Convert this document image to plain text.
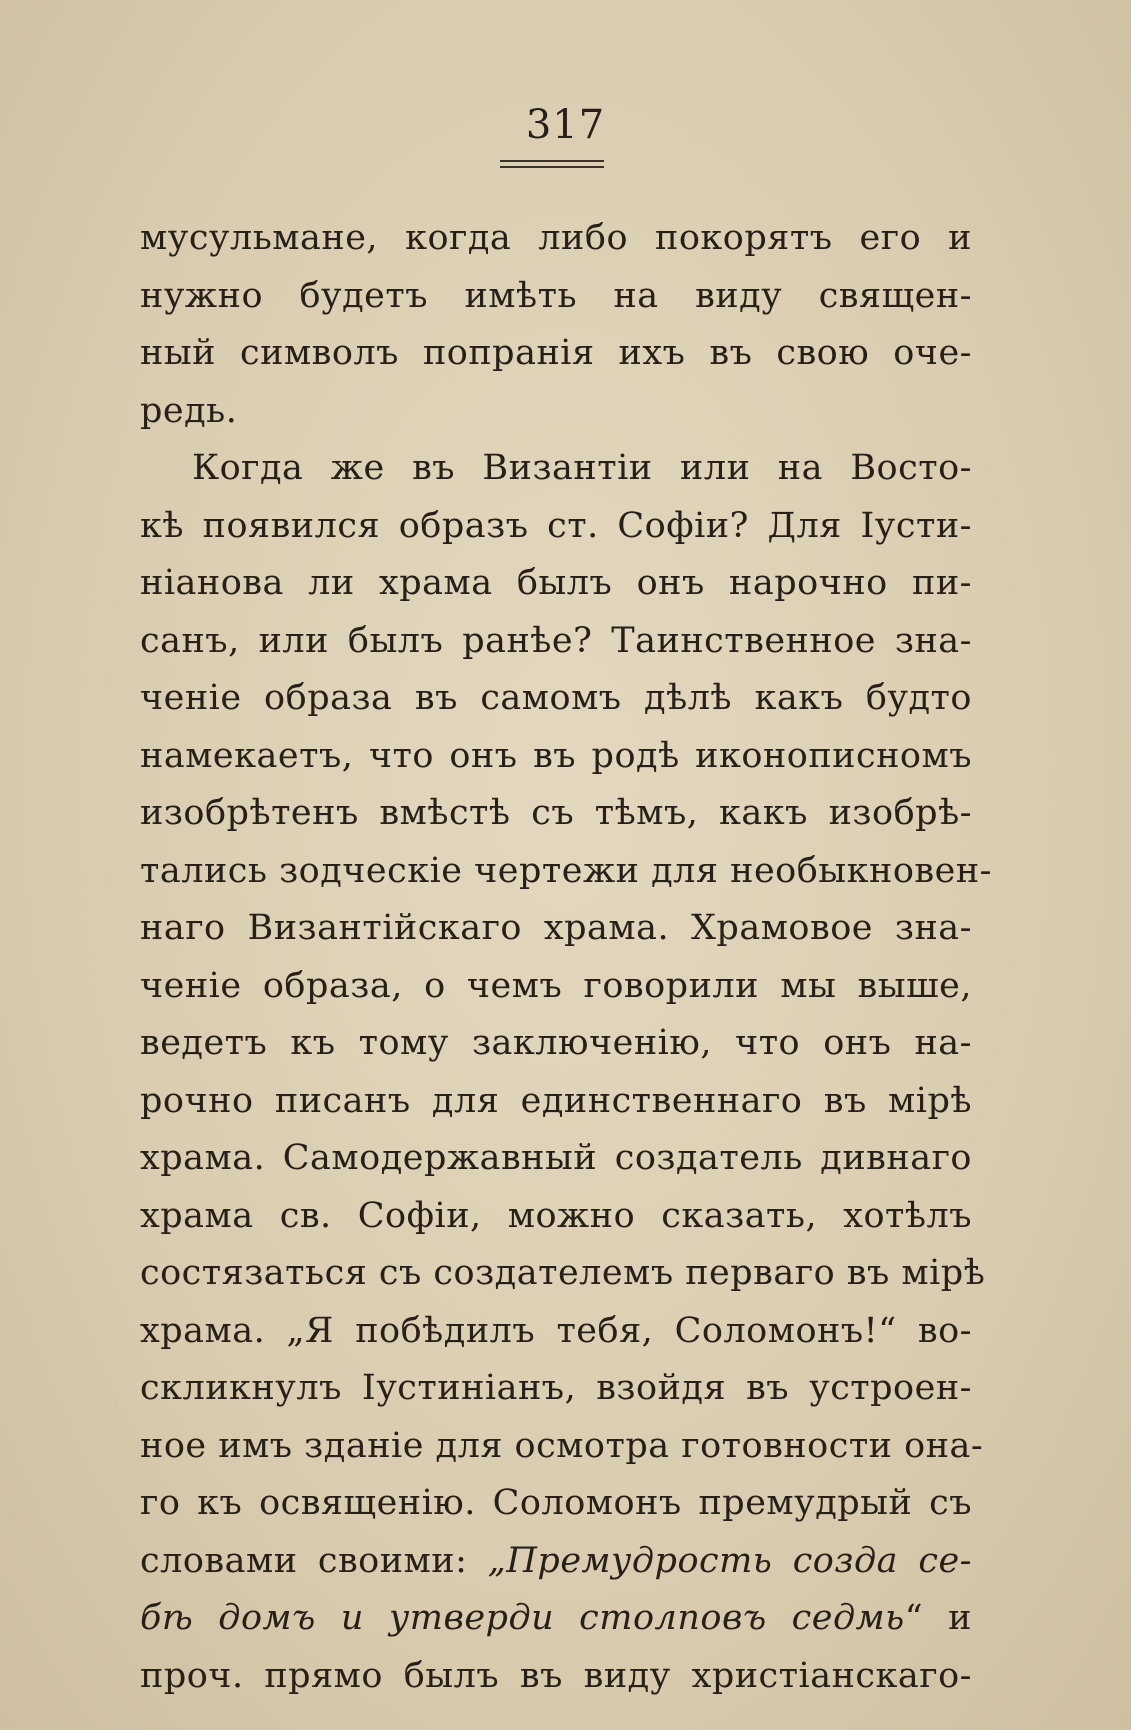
317
мусульмане, когда либо покорятъ его и
нужно будетъ имѣть на виду священ-
ный символъ попранія ихъ въ свою оче-
редь.
Когда же въ Византіи или на Восто-
кѣ появился образъ ст. Софіи? Для Іусти-
ніанова ли храма былъ онъ нарочно пи-
санъ, или былъ ранѣе? Таинственное зна-
ченіе образа въ самомъ дѣлѣ какъ будто
намекаетъ, что онъ въ родѣ иконописномъ
изобрѣтенъ вмѣстѣ съ тѣмъ, какъ изобрѣ-
тались зодческіе чертежи для необыкновен-
наго Византійскаго храма. Храмовое зна-
ченіе образа, о чемъ говорили мы выше,
ведетъ къ тому заключенію, что онъ на-
рочно писанъ для единственнаго въ мірѣ
храма. Самодержавный создатель дивнаго
храма св. Софіи, можно сказать, хотѣлъ
состязаться съ создателемъ перваго въ мірѣ
храма. „Я побѣдилъ тебя, Соломонъ!“ во-
скликнулъ Іустиніанъ, взойдя въ устроен-
ное имъ зданіе для осмотра готовности она-
го къ освященію. Соломонъ премудрый съ
словами своими: „Премудрость созда се-
бѣ домъ и утверди столповъ седмь“ и
проч. прямо былъ въ виду христіанскаго-
